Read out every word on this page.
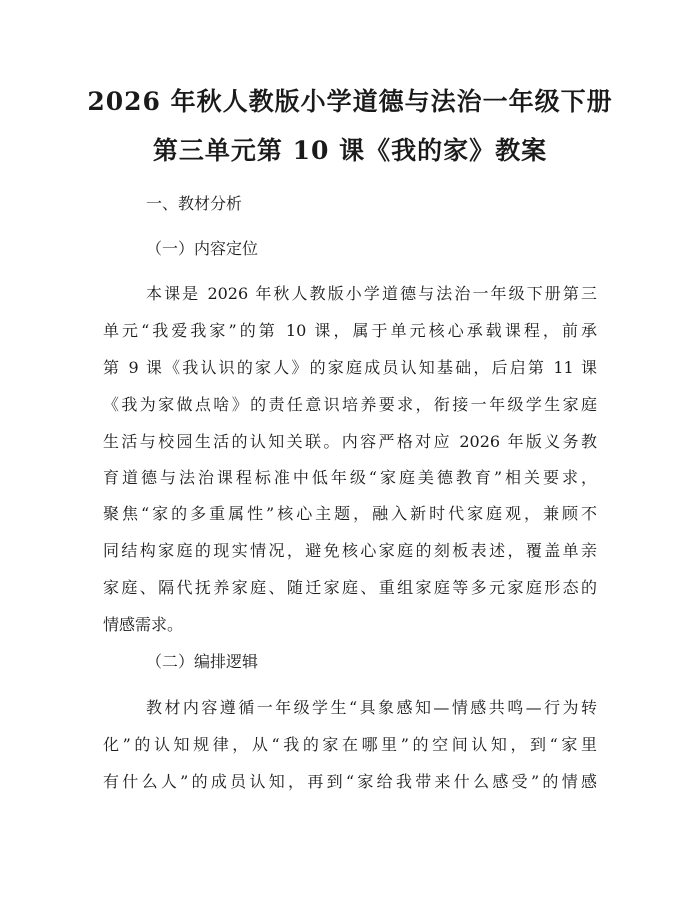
2026 年秋人教版小学道德与法治一年级下册
第三单元第 10 课《我的家》教案
一、教材分析
（一）内容定位
本课是 2026 年秋人教版小学道德与法治一年级下册第三
单元“我爱我家”的第 10 课，属于单元核心承载课程，前承
第 9 课《我认识的家人》的家庭成员认知基础，后启第 11 课
《我为家做点啥》的责任意识培养要求，衔接一年级学生家庭
生活与校园生活的认知关联。内容严格对应 2026 年版义务教
育道德与法治课程标准中低年级“家庭美德教育”相关要求，
聚焦“家的多重属性”核心主题，融入新时代家庭观，兼顾不
同结构家庭的现实情况，避免核心家庭的刻板表述，覆盖单亲
家庭、隔代抚养家庭、随迁家庭、重组家庭等多元家庭形态的
情感需求。
（二）编排逻辑
教材内容遵循一年级学生“具象感知—情感共鸣—行为转
化”的认知规律，从“我的家在哪里”的空间认知，到“家里
有什么人”的成员认知，再到“家给我带来什么感受”的情感
